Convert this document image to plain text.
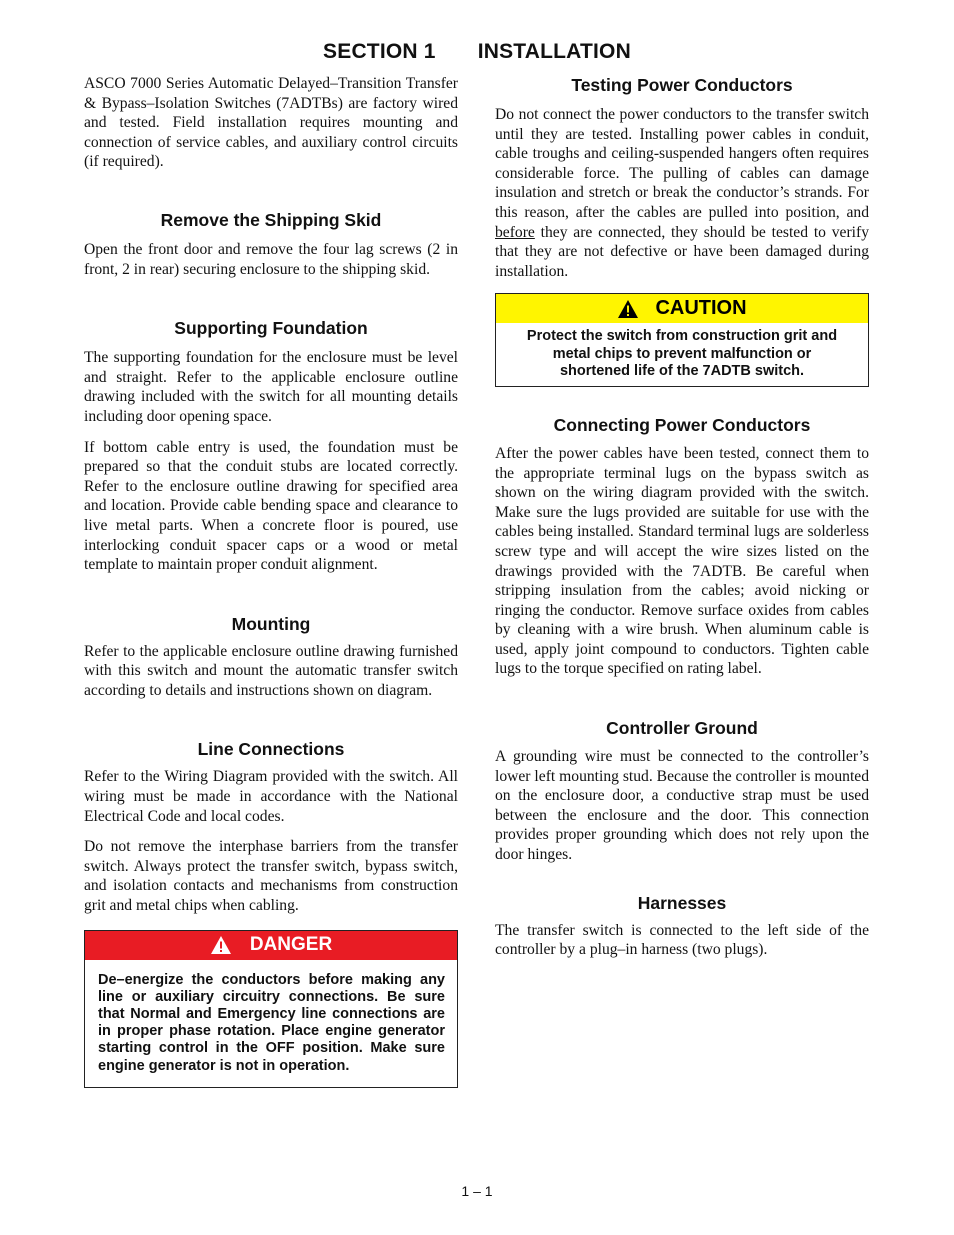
SECTION 1 INSTALLATION

ASCO 7000 Series Automatic Delayed–Transition Transfer & Bypass–Isolation Switches (7ADTBs) are factory wired and tested. Field installation requires mounting and connection of service cables, and auxiliary control circuits (if required).

Remove the Shipping Skid

Open the front door and remove the four lag screws (2 in front, 2 in rear) securing enclosure to the shipping skid.

Supporting Foundation

The supporting foundation for the enclosure must be level and straight. Refer to the applicable enclosure outline drawing included with the switch for all mounting details including door opening space.

If bottom cable entry is used, the foundation must be prepared so that the conduit stubs are located correctly. Refer to the enclosure outline drawing for specified area and location. Provide cable bending space and clearance to live metal parts. When a concrete floor is poured, use interlocking conduit spacer caps or a wood or metal template to maintain proper conduit alignment.

Mounting

Refer to the applicable enclosure outline drawing furnished with this switch and mount the automatic transfer switch according to details and instructions shown on diagram.

Line Connections

Refer to the Wiring Diagram provided with the switch. All wiring must be made in accordance with the National Electrical Code and local codes.

Do not remove the interphase barriers from the transfer switch. Always protect the transfer switch, bypass switch, and isolation contacts and mechanisms from construction grit and metal chips when cabling.

DANGER
De–energize the conductors before making any line or auxiliary circuitry connections. Be sure that Normal and Emergency line connections are in proper phase rotation. Place engine generator starting control in the OFF position. Make sure engine generator is not in operation.
Testing Power Conductors

Do not connect the power conductors to the transfer switch until they are tested. Installing power cables in conduit, cable troughs and ceiling-suspended hangers often requires considerable force. The pulling of cables can damage insulation and stretch or break the conductor’s strands. For this reason, after the cables are pulled into position, and before they are connected, they should be tested to verify that they are not defective or have been damaged during installation.

CAUTION
Protect the switch from construction grit and metal chips to prevent malfunction or shortened life of the 7ADTB switch.
Connecting Power Conductors

After the power cables have been tested, connect them to the appropriate terminal lugs on the bypass switch as shown on the wiring diagram provided with the switch. Make sure the lugs provided are suitable for use with the cables being installed. Standard terminal lugs are solderless screw type and will accept the wire sizes listed on the drawings provided with the 7ADTB. Be careful when stripping insulation from the cables; avoid nicking or ringing the conductor. Remove surface oxides from cables by cleaning with a wire brush. When aluminum cable is used, apply joint compound to conductors. Tighten cable lugs to the torque specified on rating label.

Controller Ground

A grounding wire must be connected to the controller’s lower left mounting stud. Because the controller is mounted on the enclosure door, a conductive strap must be used between the enclosure and the door. This connection provides proper grounding which does not rely upon the door hinges.

Harnesses

The transfer switch is connected to the left side of the controller by a plug–in harness (two plugs).

1 – 1
